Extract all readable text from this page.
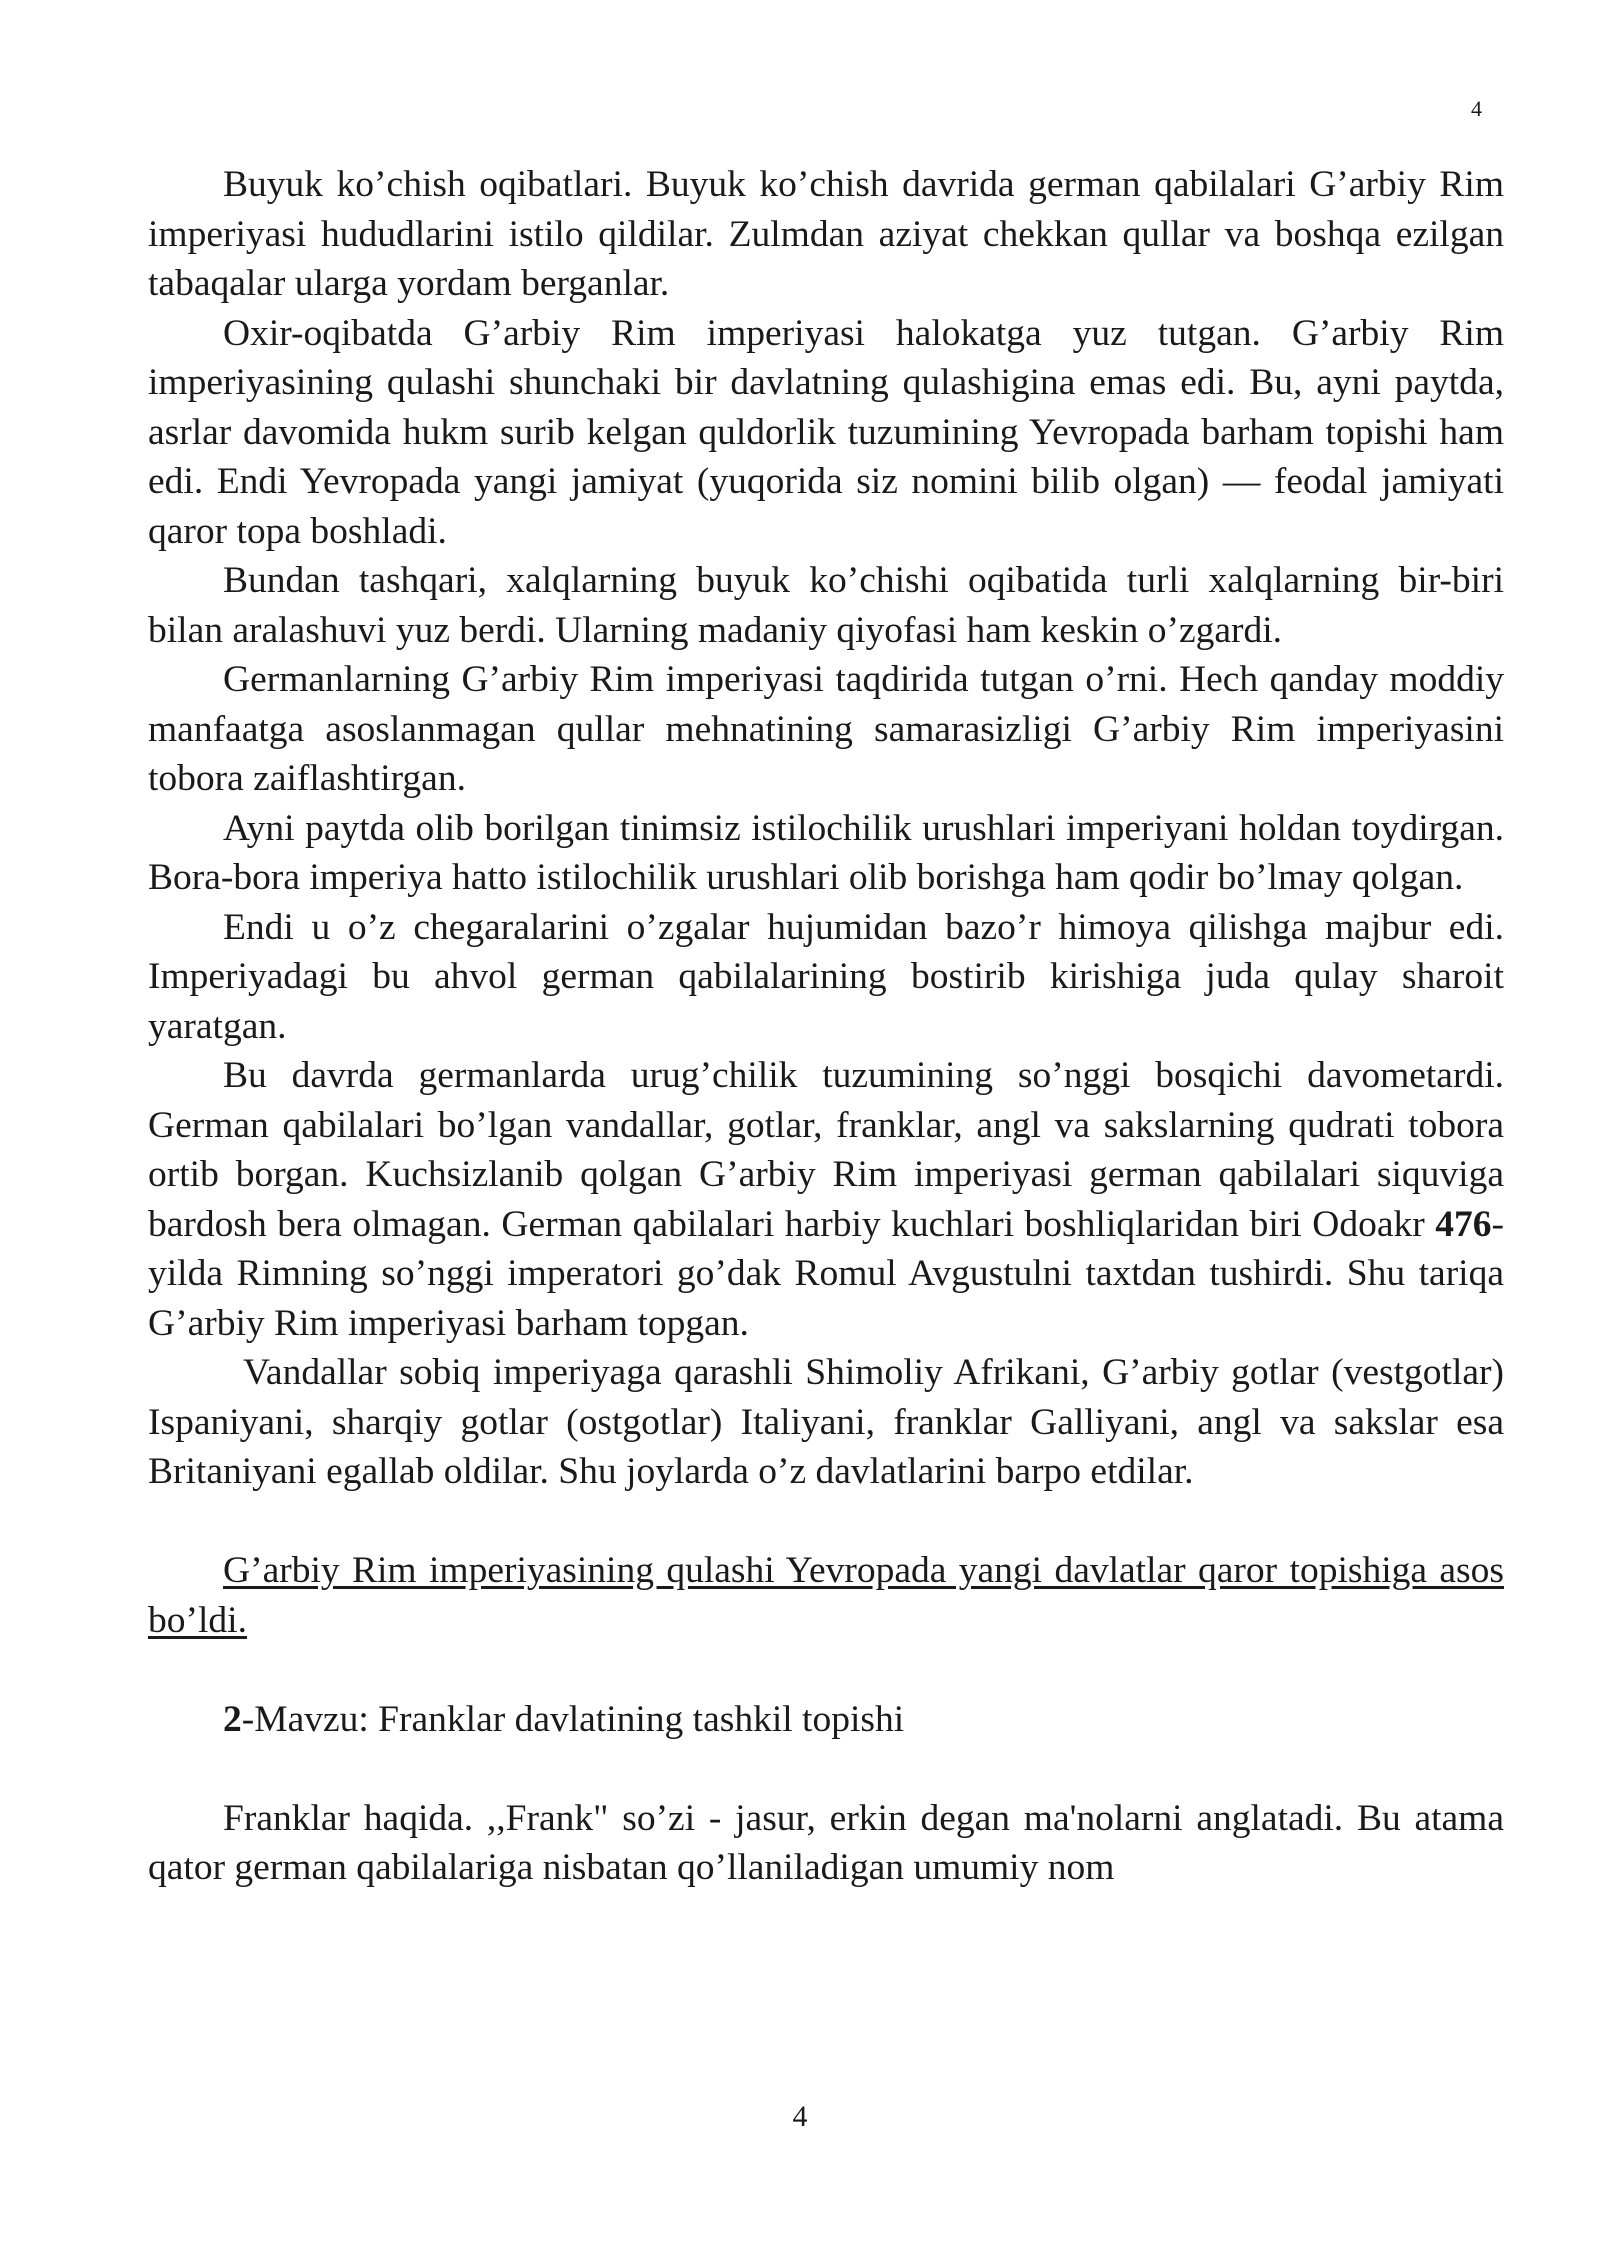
4

Buyuk ko’chish oqibatlari. Buyuk ko’chish davrida german qabilalari G’arbiy Rim imperiyasi hududlarini istilo qildilar. Zulmdan aziyat chekkan qullar va boshqa ezilgan tabaqalar ularga yordam berganlar.

Oxir-oqibatda G’arbiy Rim imperiyasi halokatga yuz tutgan. G’arbiy Rim imperiyasining qulashi shunchaki bir davlatning qulashigina emas edi. Bu, ayni paytda, asrlar davomida hukm surib kelgan quldorlik tuzumining Yevropada barham topishi ham edi. Endi Yevropada yangi jamiyat (yuqorida siz nomini bilib olgan) — feodal jamiyati qaror topa boshladi.

Bundan tashqari, xalqlarning buyuk ko’chishi oqibatida turli xalqlarning bir-biri bilan aralashuvi yuz berdi. Ularning madaniy qiyofasi ham keskin o’zgardi.

Germanlarning G’arbiy Rim imperiyasi taqdirida tutgan o’rni. Hech qanday moddiy manfaatga asoslanmagan qullar mehnatining samarasizligi G’arbiy Rim imperiyasini tobora zaiflashtirgan.

Ayni paytda olib borilgan tinimsiz istilochilik urushlari imperiyani holdan toydirgan. Bora-bora imperiya hatto istilochilik urushlari olib borishga ham qodir bo’lmay qolgan.

Endi u o’z chegaralarini o’zgalar hujumidan bazo’r himoya qilishga majbur edi. Imperiyadagi bu ahvol german qabilalarining bostirib kirishiga juda qulay sharoit yaratgan.

Bu davrda germanlarda urug’chilik tuzumining so’nggi bosqichi davometardi. German qabilalari bo’lgan vandallar, gotlar, franklar, angl va sakslarning qudrati tobora ortib borgan. Kuchsizlanib qolgan G’arbiy Rim imperiyasi german qabilalari siquviga bardosh bera olmagan. German qabilalari harbiy kuchlari boshliqlaridan biri Odoakr 476- yilda Rimning so’nggi imperatori go’dak Romul Avgustulni taxtdan tushirdi. Shu tariqa G’arbiy Rim imperiyasi barham topgan.

Vandallar sobiq imperiyaga qarashli Shimoliy Afrikani, G’arbiy gotlar (vestgotlar) Ispaniyani, sharqiy gotlar (ostgotlar) Italiyani, franklar Galliyani, angl va sakslar esa Britaniyani egallab oldilar. Shu joylarda o’z davlatlarini barpo etdilar.

G’arbiy Rim imperiyasining qulashi Yevropada yangi davlatlar qaror topishiga asos bo’ldi.

2-Mavzu: Franklar davlatining tashkil topishi

Franklar haqida. ,,Frank" so’zi - jasur, erkin degan ma'nolarni anglatadi. Bu atama qator german qabilalariga nisbatan qo’llaniladigan umumiy nom

4
